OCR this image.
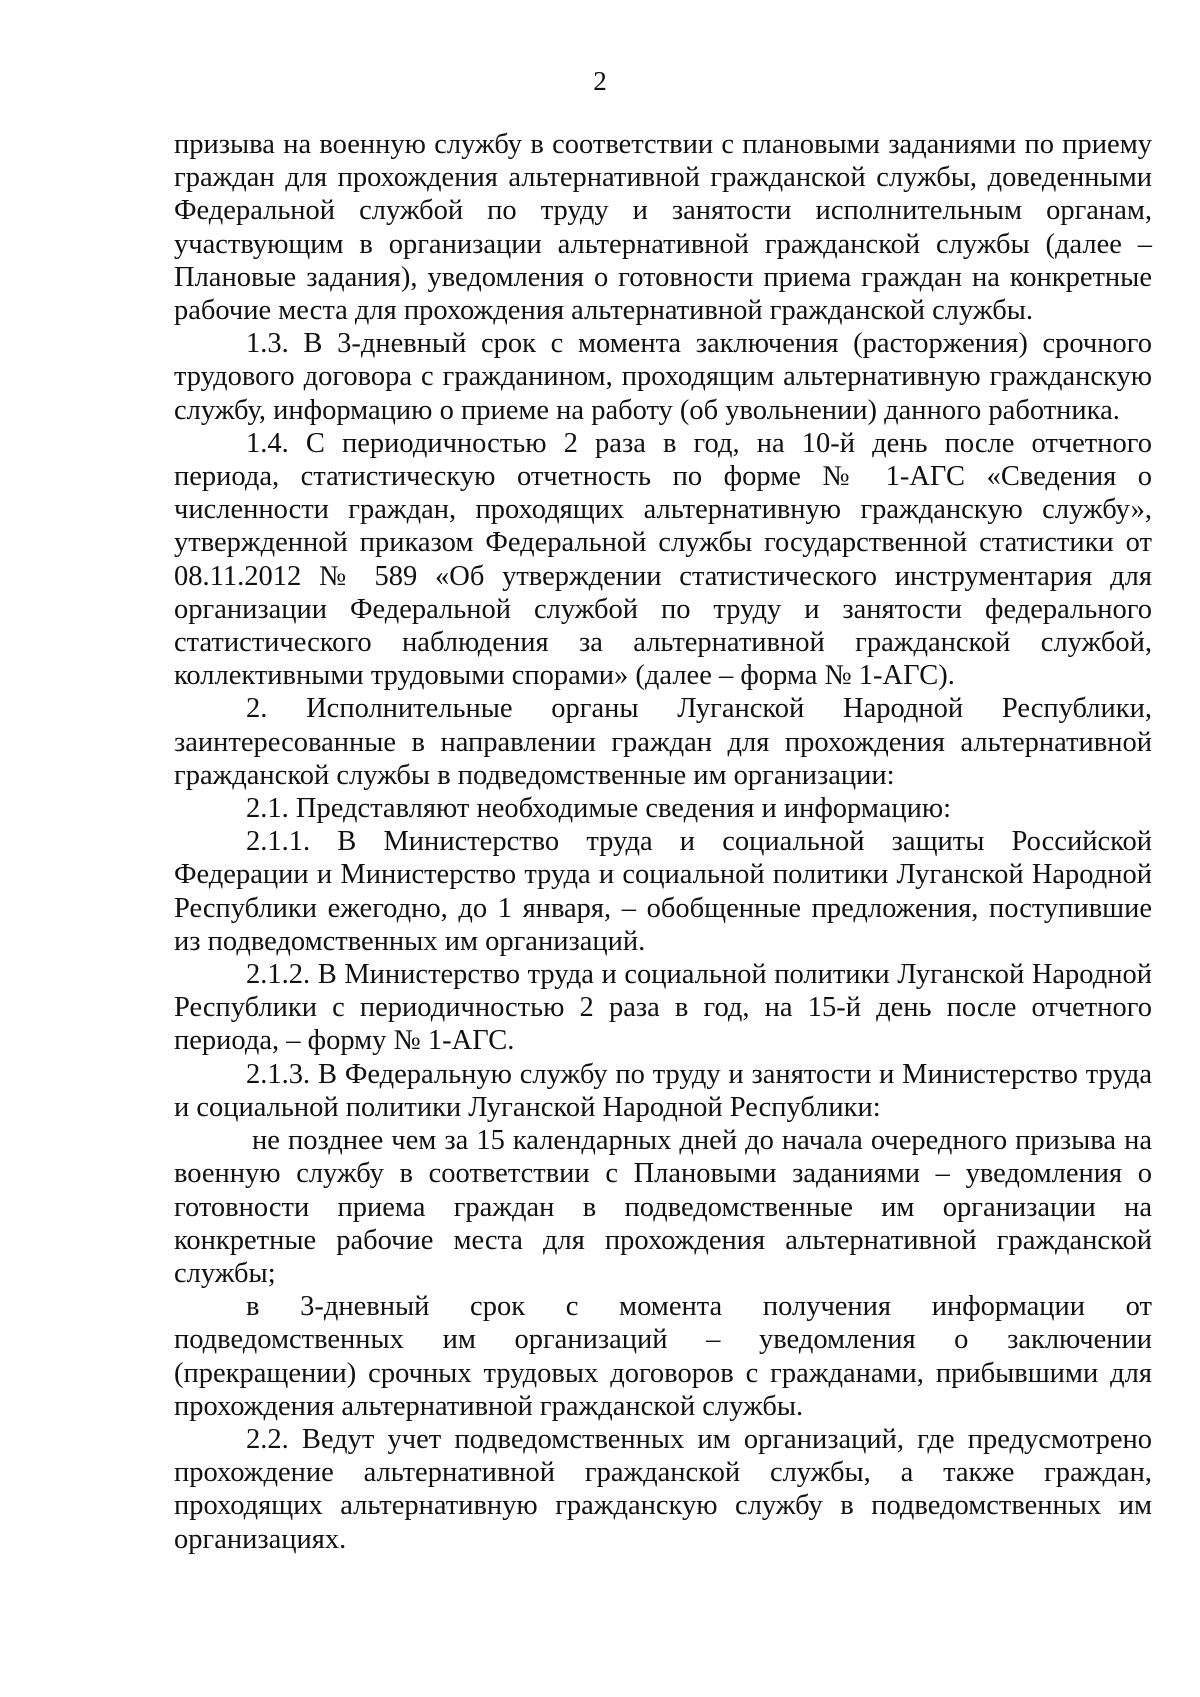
2

призыва на военную службу в соответствии с плановыми заданиями по приему граждан для прохождения альтернативной гражданской службы, доведенными Федеральной службой по труду и занятости исполнительным органам, участвующим в организации альтернативной гражданской службы (далее – Плановые задания), уведомления о готовности приема граждан на конкретные рабочие места для прохождения альтернативной гражданской службы.

1.3. В 3-дневный срок с момента заключения (расторжения) срочного трудового договора с гражданином, проходящим альтернативную гражданскую службу, информацию о приеме на работу (об увольнении) данного работника.

1.4. С периодичностью 2 раза в год, на 10-й день после отчетного периода, статистическую отчетность по форме № 1-АГС «Сведения о численности граждан, проходящих альтернативную гражданскую службу», утвержденной приказом Федеральной службы государственной статистики от 08.11.2012 № 589 «Об утверждении статистического инструментария для организации Федеральной службой по труду и занятости федерального статистического наблюдения за альтернативной гражданской службой, коллективными трудовыми спорами» (далее – форма № 1-АГС).

2. Исполнительные органы Луганской Народной Республики, заинтересованные в направлении граждан для прохождения альтернативной гражданской службы в подведомственные им организации:

2.1. Представляют необходимые сведения и информацию:

2.1.1. В Министерство труда и социальной защиты Российской Федерации и Министерство труда и социальной политики Луганской Народной Республики ежегодно, до 1 января, – обобщенные предложения, поступившие из подведомственных им организаций.

2.1.2. В Министерство труда и социальной политики Луганской Народной Республики с периодичностью 2 раза в год, на 15-й день после отчетного периода, – форму № 1-АГС.

2.1.3. В Федеральную службу по труду и занятости и Министерство труда и социальной политики Луганской Народной Республики:

не позднее чем за 15 календарных дней до начала очередного призыва на военную службу в соответствии с Плановыми заданиями – уведомления о готовности приема граждан в подведомственные им организации на конкретные рабочие места для прохождения альтернативной гражданской службы;

в 3-дневный срок с момента получения информации от подведомственных им организаций – уведомления о заключении (прекращении) срочных трудовых договоров с гражданами, прибывшими для прохождения альтернативной гражданской службы.

2.2. Ведут учет подведомственных им организаций, где предусмотрено прохождение альтернативной гражданской службы, а также граждан, проходящих альтернативную гражданскую службу в подведомственных им организациях.
